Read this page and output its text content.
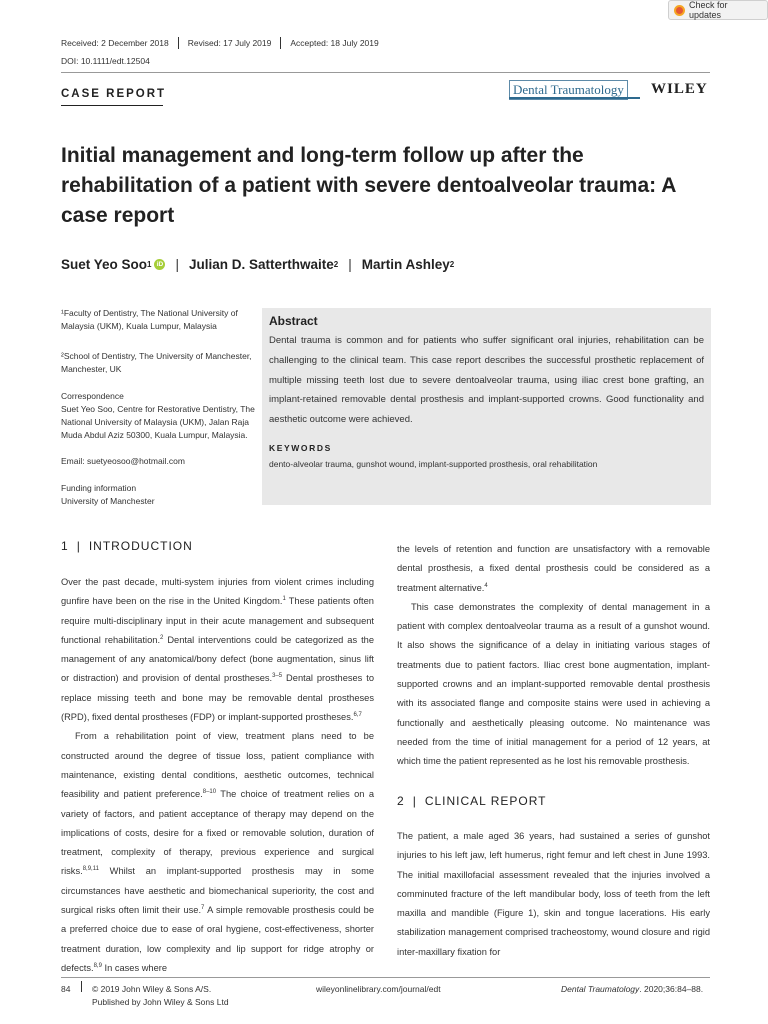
Check for updates
Received: 2 December 2018 Revised: 17 July 2019 Accepted: 18 July 2019
DOI: 10.1111/edt.12504
CASE REPORT	Dental Traumatology WILEY
Initial management and long-term follow up after the rehabilitation of a patient with severe dentoalveolar trauma: A case report
Suet Yeo Soo 1 iD | Julian D. Satterthwaite 2 | Martin Ashley 2
¹Faculty of Dentistry, The National University of Malaysia (UKM), Kuala Lumpur, Malaysia
²School of Dentistry, The University of Manchester, Manchester, UK
Correspondence
Suet Yeo Soo, Centre for Restorative Dentistry, The National University of Malaysia (UKM), Jalan Raja Muda Abdul Aziz 50300, Kuala Lumpur, Malaysia.
Email: suetyeosoo@hotmail.com
Funding information
University of Manchester
Abstract
Dental trauma is common and for patients who suffer significant oral injuries, rehabilitation can be challenging to the clinical team. This case report describes the successful prosthetic replacement of multiple missing teeth lost due to severe dentoalveolar trauma, using iliac crest bone grafting, an implant-retained removable dental prosthesis and implant-supported crowns. Good functionality and aesthetic outcome were achieved.
KEYWORDS
dento-alveolar trauma, gunshot wound, implant-supported prosthesis, oral rehabilitation
1 | INTRODUCTION

Over the past decade, multi-system injuries from violent crimes including gunfire have been on the rise in the United Kingdom.$^1$ These patients often require multi-disciplinary input in their acute management and subsequent functional rehabilitation.$^2$ Dental interventions could be categorized as the management of any anatomical/bony defect (bone augmentation, sinus lift or distraction) and provision of dental prostheses.$^{3-5}$ Dental prostheses to replace missing teeth and bone may be removable dental prostheses (RPD), fixed dental prostheses (FDP) or implant-supported prostheses.$^{6,7}$

From a rehabilitation point of view, treatment plans need to be constructed around the degree of tissue loss, patient compliance with maintenance, existing dental conditions, aesthetic outcomes, technical feasibility and patient preference.$^{8-10}$ The choice of treatment relies on a variety of factors, and patient acceptance of therapy may depend on the implications of costs, desire for a fixed or removable solution, duration of treatment, complexity of therapy, previous experience and surgical risks.$^{8,9,11}$ Whilst an implant-supported prosthesis may in some circumstances have aesthetic and biomechanical superiority, the cost and surgical risks often limit their use.$^7$ A simple removable prosthesis could be a preferred choice due to ease of oral hygiene, cost-effectiveness, shorter treatment duration, low complexity and lip support for ridge atrophy or defects.$^{8,9}$ In cases where

the levels of retention and function are unsatisfactory with a removable dental prosthesis, a fixed dental prosthesis could be considered as a treatment alternative.$^4$

This case demonstrates the complexity of dental management in a patient with complex dentoalveolar trauma as a result of a gunshot wound. It also shows the significance of a delay in initiating various stages of treatments due to patient factors. Iliac crest bone augmentation, implant-supported crowns and an implant-supported removable dental prosthesis with its associated flange and composite stains were used in achieving a functionally and aesthetically pleasing outcome. No maintenance was needed from the time of initial management for a period of 12 years, at which time the patient represented as he lost his removable prosthesis.

2 | CLINICAL REPORT

The patient, a male aged 36 years, had sustained a series of gunshot injuries to his left jaw, left humerus, right femur and left chest in June 1993. The initial maxillofacial assessment revealed that the injuries involved a comminuted fracture of the left mandibular body, loss of teeth from the left maxilla and mandible (Figure 1), skin and tongue lacerations. His early stabilization management comprised tracheostomy, wound closure and rigid inter-maxillary fixation for

84	© 2019 John Wiley & Sons A/S.
Published by John Wiley & Sons Ltd
wileyonlinelibrary.com/journal/edt	Dental Traumatology. 2020;36:84–88.
